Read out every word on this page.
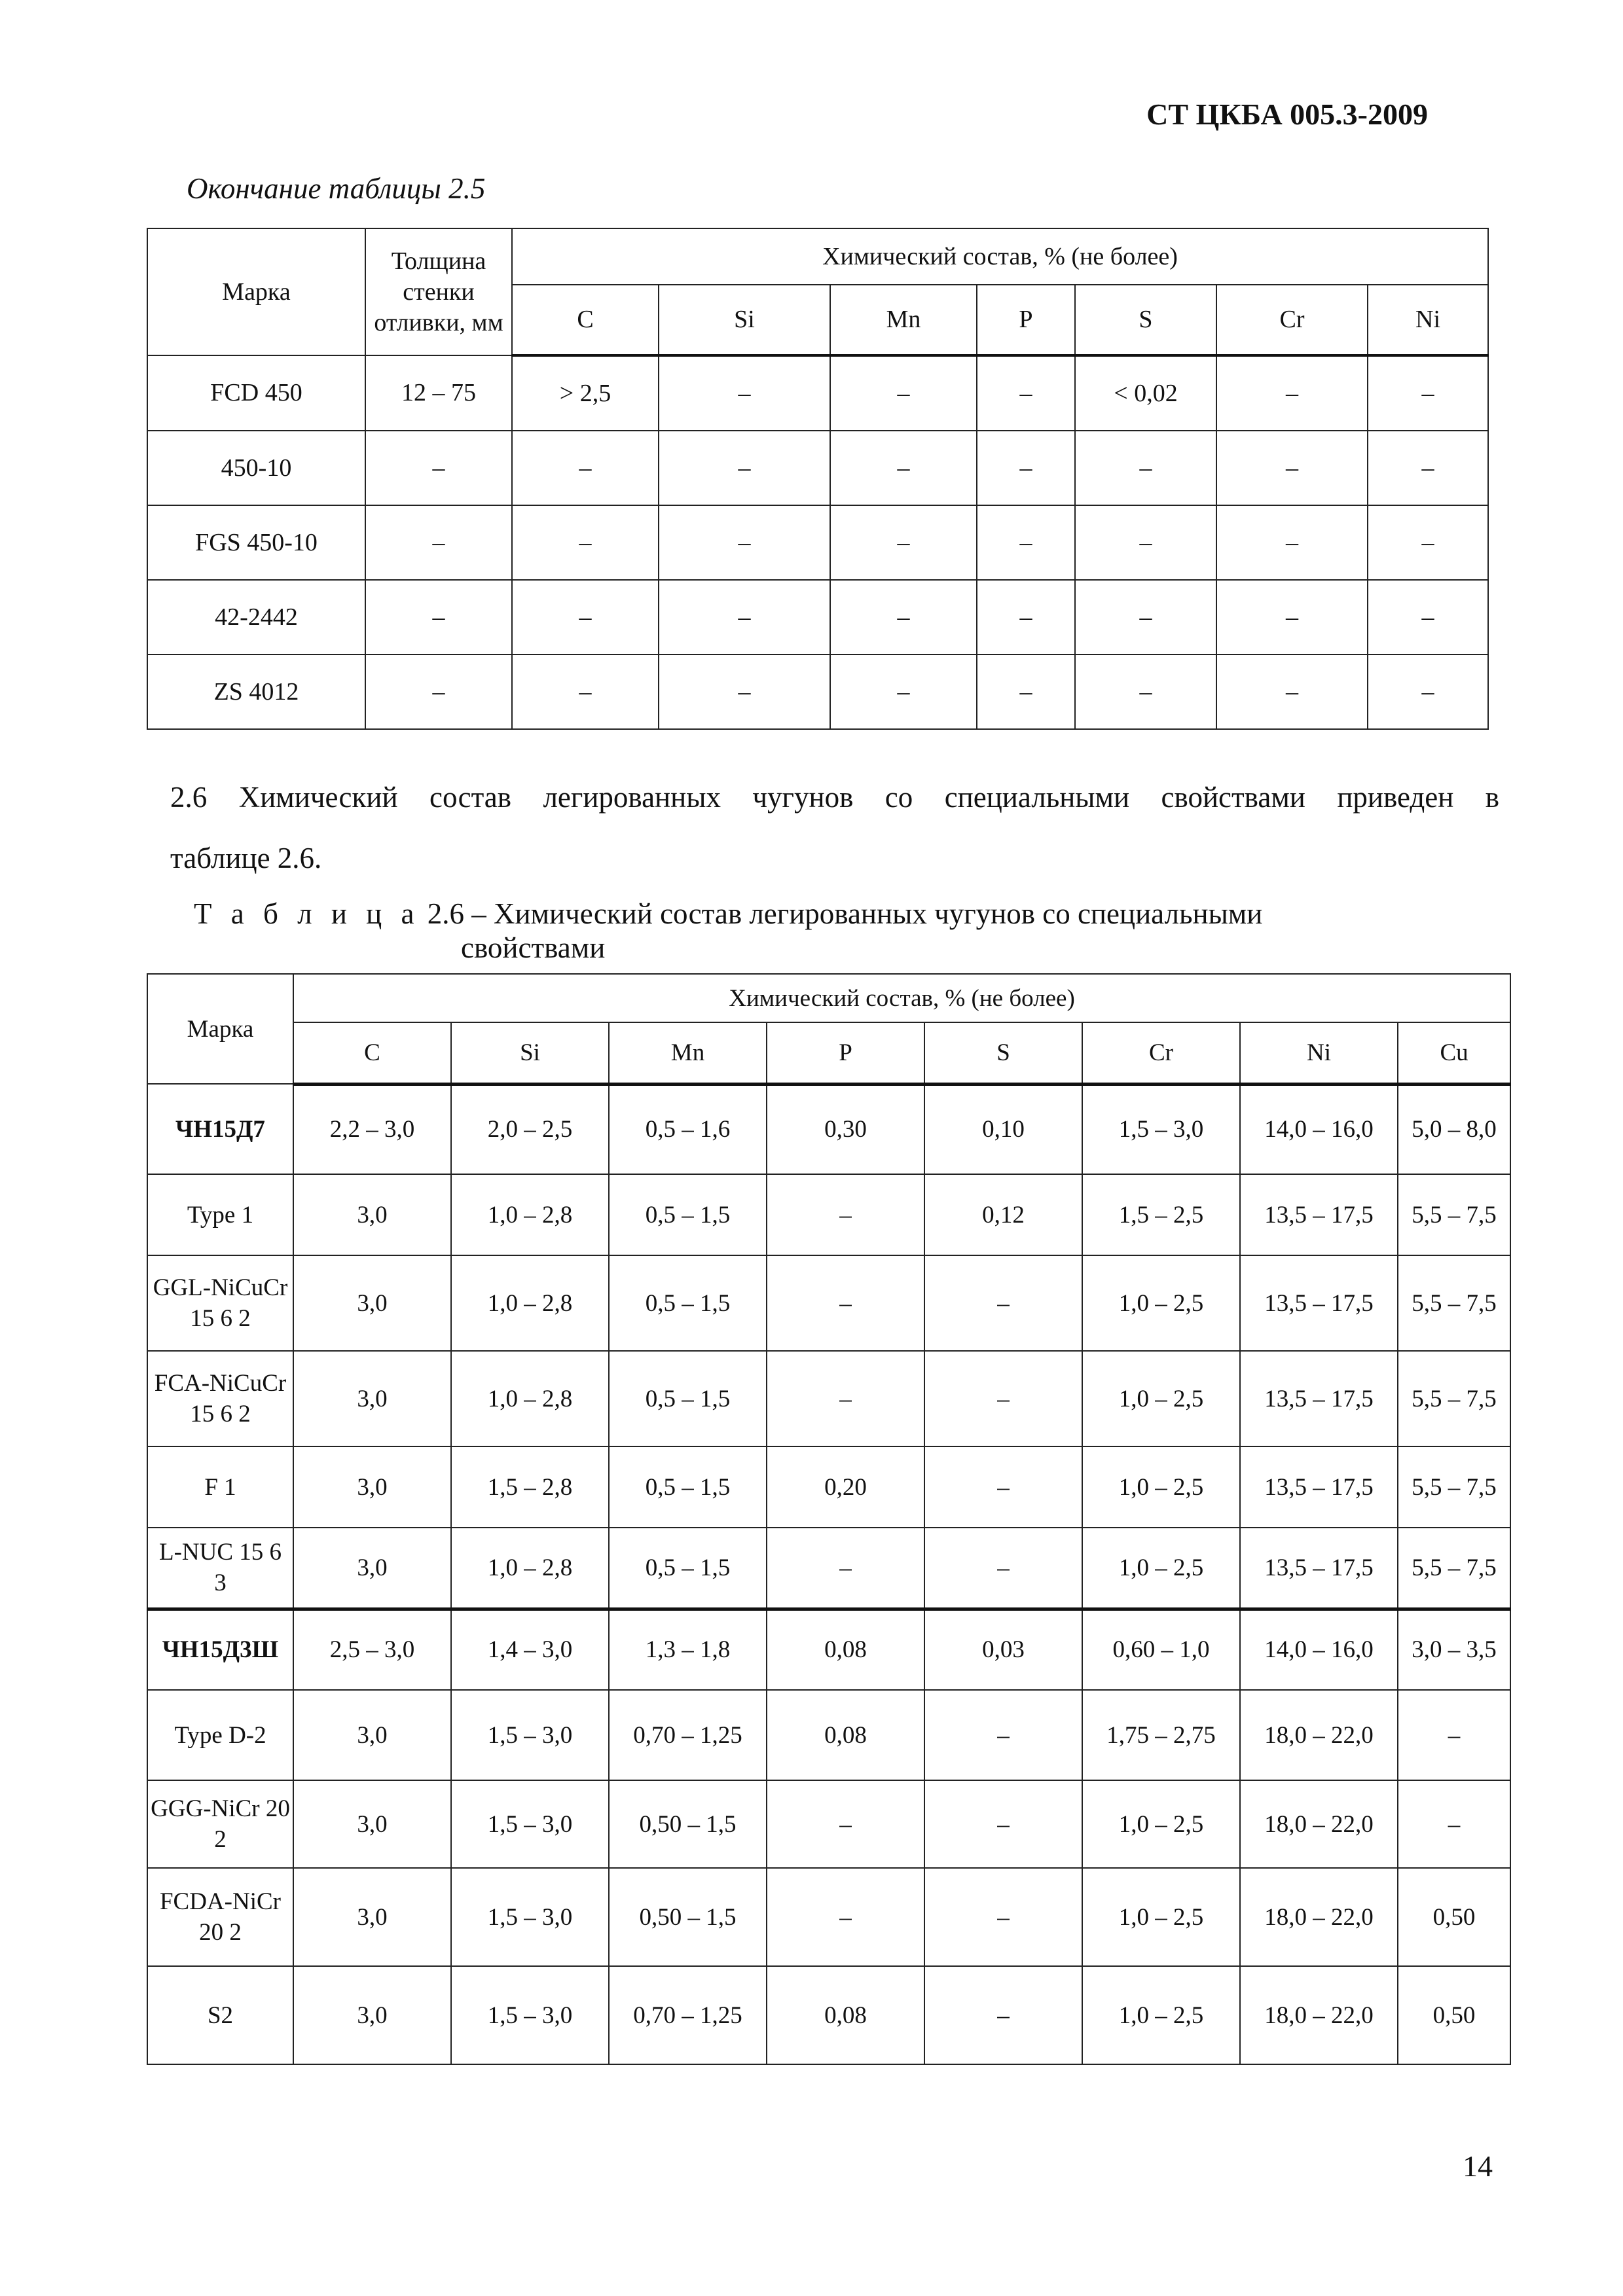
СТ ЦКБА 005.3-2009
Окончание таблицы 2.5
Марка	Толщина стенки отливки, мм	Химический состав, % (не более)						
		C	Si	Mn	P	S	Cr	Ni
FCD 450	12 – 75	> 2,5	–	–	–	< 0,02	–	–
450-10	–	–	–	–	–	–	–	–
FGS 450-10	–	–	–	–	–	–	–	–
42-2442	–	–	–	–	–	–	–	–
ZS 4012	–	–	–	–	–	–	–	–
2.6 Химический состав легированных чугунов со специальными свойствами приведен в
таблице 2.6.
Т а б л и ц а 2.6 – Химический состав легированных чугунов со специальными
свойствами
Марка	Химический состав, % (не более)							
	C	Si	Mn	P	S	Cr	Ni	Cu
ЧН15Д7	2,2 – 3,0	2,0 – 2,5	0,5 – 1,6	0,30	0,10	1,5 – 3,0	14,0 – 16,0	5,0 – 8,0
Type 1	3,0	1,0 – 2,8	0,5 – 1,5	–	0,12	1,5 – 2,5	13,5 – 17,5	5,5 – 7,5
GGL-NiCuCr 15 6 2	3,0	1,0 – 2,8	0,5 – 1,5	–	–	1,0 – 2,5	13,5 – 17,5	5,5 – 7,5
FCA-NiCuCr 15 6 2	3,0	1,0 – 2,8	0,5 – 1,5	–	–	1,0 – 2,5	13,5 – 17,5	5,5 – 7,5
F 1	3,0	1,5 – 2,8	0,5 – 1,5	0,20	–	1,0 – 2,5	13,5 – 17,5	5,5 – 7,5
L-NUC 15 6 3	3,0	1,0 – 2,8	0,5 – 1,5	–	–	1,0 – 2,5	13,5 – 17,5	5,5 – 7,5
ЧН15Д3Ш	2,5 – 3,0	1,4 – 3,0	1,3 – 1,8	0,08	0,03	0,60 – 1,0	14,0 – 16,0	3,0 – 3,5
Type D-2	3,0	1,5 – 3,0	0,70 – 1,25	0,08	–	1,75 – 2,75	18,0 – 22,0	–
GGG-NiCr 20 2	3,0	1,5 – 3,0	0,50 – 1,5	–	–	1,0 – 2,5	18,0 – 22,0	–
FCDA-NiCr 20 2	3,0	1,5 – 3,0	0,50 – 1,5	–	–	1,0 – 2,5	18,0 – 22,0	0,50
S2	3,0	1,5 – 3,0	0,70 – 1,25	0,08	–	1,0 – 2,5	18,0 – 22,0	0,50
14
